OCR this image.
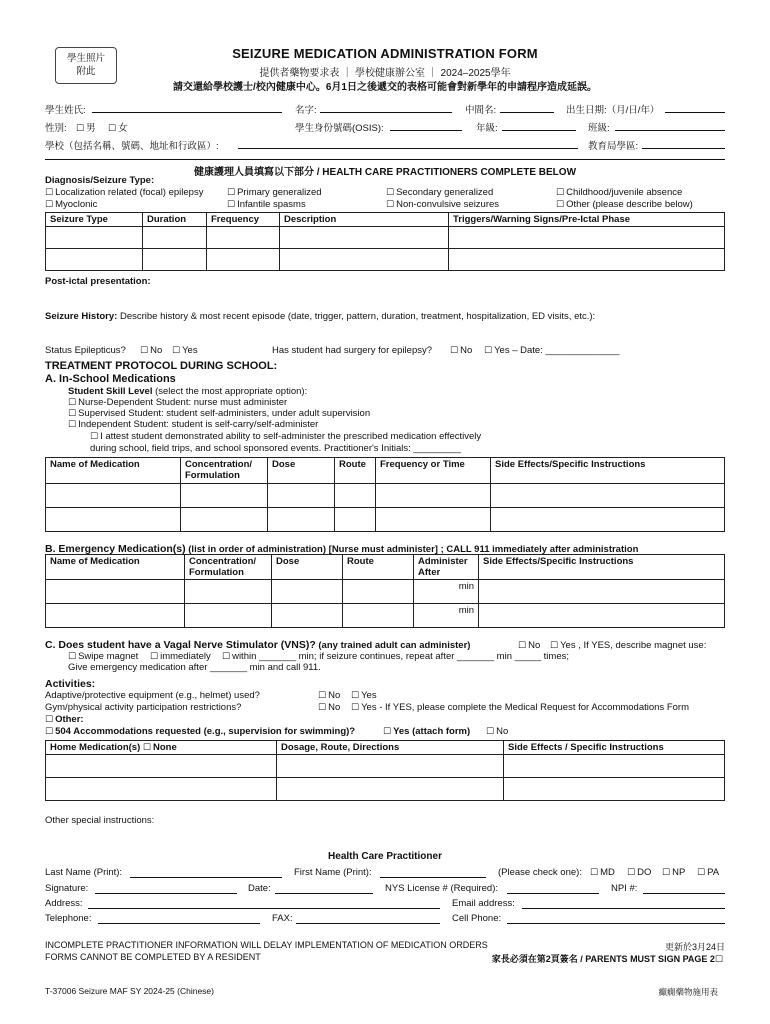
學生照片
附此
SEIZURE MEDICATION ADMINISTRATION FORM
提供者藥物要求表 ｜ 學校健康辦公室 ｜ 2024–2025學年
請交還給學校護士/校內健康中心。6月1日之後遞交的表格可能會對新學年的申請程序造成延誤。
學生姓氏:	名字:	中間名:	出生日期:（月/日/年）
性別:	☐ 男	☐ 女	學生身份號碼(OSIS):	年級:	班級:
學校（包括名稱、號碼、地址和行政區）:	教育局學區:
健康護理人員填寫以下部分 / HEALTH CARE PRACTITIONERS COMPLETE BELOW
Diagnosis/Seizure Type:
☐ Localization related (focal) epilepsy	☐ Primary generalized	☐ Secondary generalized	☐ Childhood/juvenile absence
☐ Myoclonic	☐ Infantile spasms	☐ Non-convulsive seizures	☐ Other (please describe below)
Seizure Type	Duration	Frequency	Description	Triggers/Warning Signs/Pre-Ictal Phase

Post-ictal presentation:
Seizure History: Describe history & most recent episode (date, trigger, pattern, duration, treatment, hospitalization, ED visits, etc.):
Status Epilepticus?	☐ No	☐ Yes	Has student had surgery for epilepsy?	☐ No	☐ Yes – Date: ______________
TREATMENT PROTOCOL DURING SCHOOL:
A. In-School Medications
Student Skill Level (select the most appropriate option):
☐ Nurse-Dependent Student: nurse must administer
☐ Supervised Student: student self-administers, under adult supervision
☐ Independent Student: student is self-carry/self-administer
☐ I attest student demonstrated ability to self-administer the prescribed medication effectively
during school, field trips, and school sponsored events. Practitioner's Initials: _________
Name of Medication	Concentration/ Formulation	Dose	Route	Frequency or Time	Side Effects/Specific Instructions

B. Emergency Medication(s) (list in order of administration) [Nurse must administer] ; CALL 911 immediately after administration
Name of Medication	Concentration/ Formulation	Dose	Route	Administer After	Side Effects/Specific Instructions
				min	
				min	
C. Does student have a Vagal Nerve Stimulator (VNS)? (any trained adult can administer)	☐ No	☐ Yes , If YES, describe magnet use:
☐ Swipe magnet	☐ immediately	☐ within _______ min; if seizure continues, repeat after _______ min _____ times;
Give emergency medication after _______ min and call 911.
Activities:
Adaptive/protective equipment (e.g., helmet) used?	☐ No	☐ Yes
Gym/physical activity participation restrictions?	☐ No	☐ Yes - If YES, please complete the Medical Request for Accommodations Form
☐ Other:
☐ 504 Accommodations requested (e.g., supervision for swimming)?	☐ Yes (attach form)	☐ No
Home Medication(s) ☐ None	Dosage, Route, Directions	Side Effects / Specific Instructions

Other special instructions:
Health Care Practitioner
Last Name (Print):	First Name (Print):	(Please check one):	☐ MD	☐ DO	☐ NP	☐ PA
Signature:	Date:	NYS License # (Required):	NPI #:
Address:	Email address:
Telephone:	FAX:	Cell Phone:
INCOMPLETE PRACTITIONER INFORMATION WILL DELAY IMPLEMENTATION OF MEDICATION ORDERS
FORMS CANNOT BE COMPLETED BY A RESIDENT
更新於3月24日
☐ 家長必須在第2頁簽名 / PARENTS MUST SIGN PAGE 2
T-37006 Seizure MAF SY 2024-25 (Chinese)	癲癇藥物施用表
